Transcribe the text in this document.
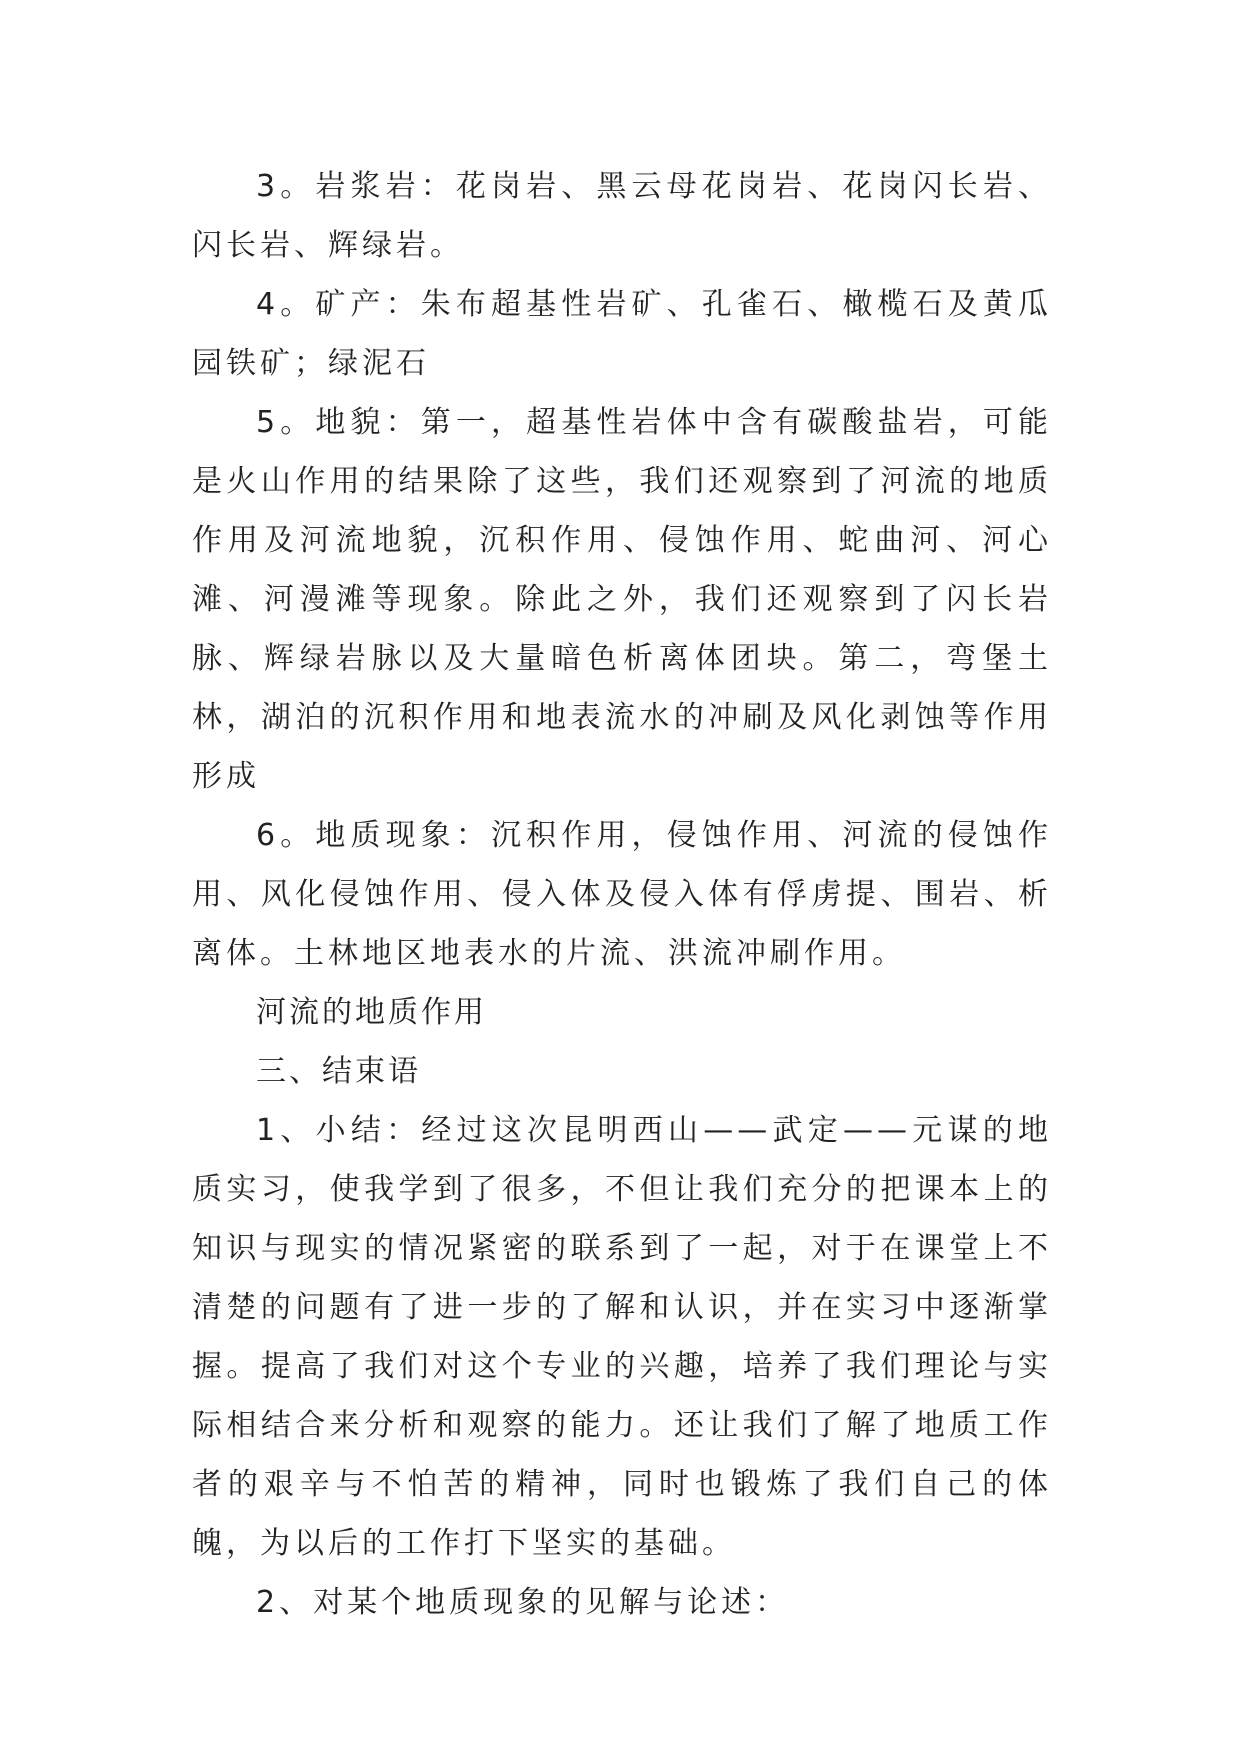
3。岩浆岩：花岗岩、黑云母花岗岩、花岗闪长岩、闪长岩、辉绿岩。

4。矿产：朱布超基性岩矿、孔雀石、橄榄石及黄瓜园铁矿；绿泥石

5。地貌：第一，超基性岩体中含有碳酸盐岩，可能是火山作用的结果除了这些，我们还观察到了河流的地质作用及河流地貌，沉积作用、侵蚀作用、蛇曲河、河心滩、河漫滩等现象。除此之外，我们还观察到了闪长岩脉、辉绿岩脉以及大量暗色析离体团块。第二，弯堡土林，湖泊的沉积作用和地表流水的冲刷及风化剥蚀等作用形成

6。地质现象：沉积作用，侵蚀作用、河流的侵蚀作用、风化侵蚀作用、侵入体及侵入体有俘虏提、围岩、析离体。土林地区地表水的片流、洪流冲刷作用。

河流的地质作用

三、结束语

1、小结：经过这次昆明西山——武定——元谋的地质实习，使我学到了很多，不但让我们充分的把课本上的知识与现实的情况紧密的联系到了一起，对于在课堂上不清楚的问题有了进一步的了解和认识，并在实习中逐渐掌握。提高了我们对这个专业的兴趣，培养了我们理论与实际相结合来分析和观察的能力。还让我们了解了地质工作者的艰辛与不怕苦的精神，同时也锻炼了我们自己的体魄，为以后的工作打下坚实的基础。

2、对某个地质现象的见解与论述：
